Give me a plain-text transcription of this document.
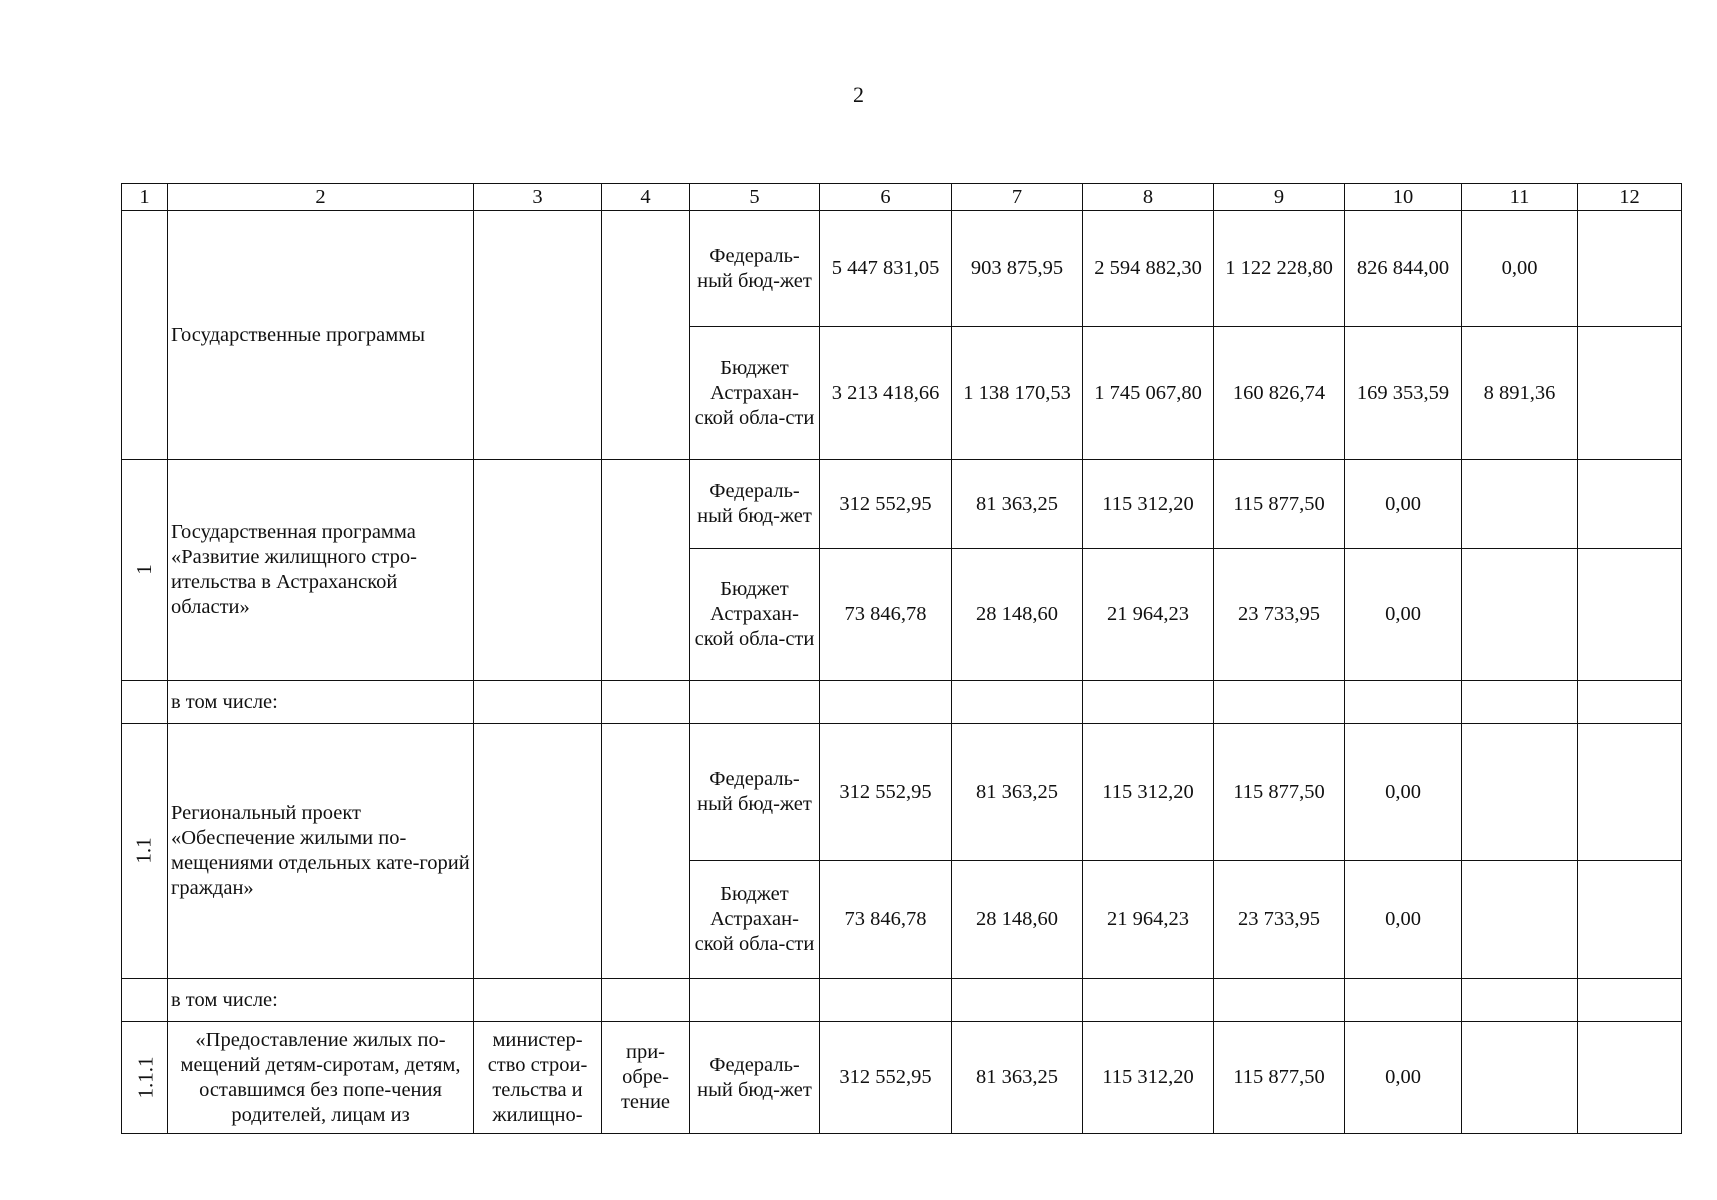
2
1	2	3	4	5	6	7	8	9	10	11	12
	Государственные программы			Федераль-ный бюд-жет	5 447 831,05	903 875,95	2 594 882,30	1 122 228,80	826 844,00	0,00	
				Бюджет Астрахан-ской обла-сти	3 213 418,66	1 138 170,53	1 745 067,80	160 826,74	169 353,59	8 891,36	
1	Государственная программа «Развитие жилищного стро-ительства в Астраханской области»			Федераль-ный бюд-жет	312 552,95	81 363,25	115 312,20	115 877,50	0,00		
				Бюджет Астрахан-ской обла-сти	73 846,78	28 148,60	21 964,23	23 733,95	0,00		
	в том числе:										
1.1	Региональный проект «Обеспечение жилыми по-мещениями отдельных кате-горий граждан»			Федераль-ный бюд-жет	312 552,95	81 363,25	115 312,20	115 877,50	0,00		
				Бюджет Астрахан-ской обла-сти	73 846,78	28 148,60	21 964,23	23 733,95	0,00		
	в том числе:										
1.1.1	«Предоставление жилых по-мещений детям-сиротам, детям, оставшимся без попе-чения родителей, лицам из	министер-ство строи-тельства и жилищно-	при-обре-тение	Федераль-ный бюд-жет	312 552,95	81 363,25	115 312,20	115 877,50	0,00		
